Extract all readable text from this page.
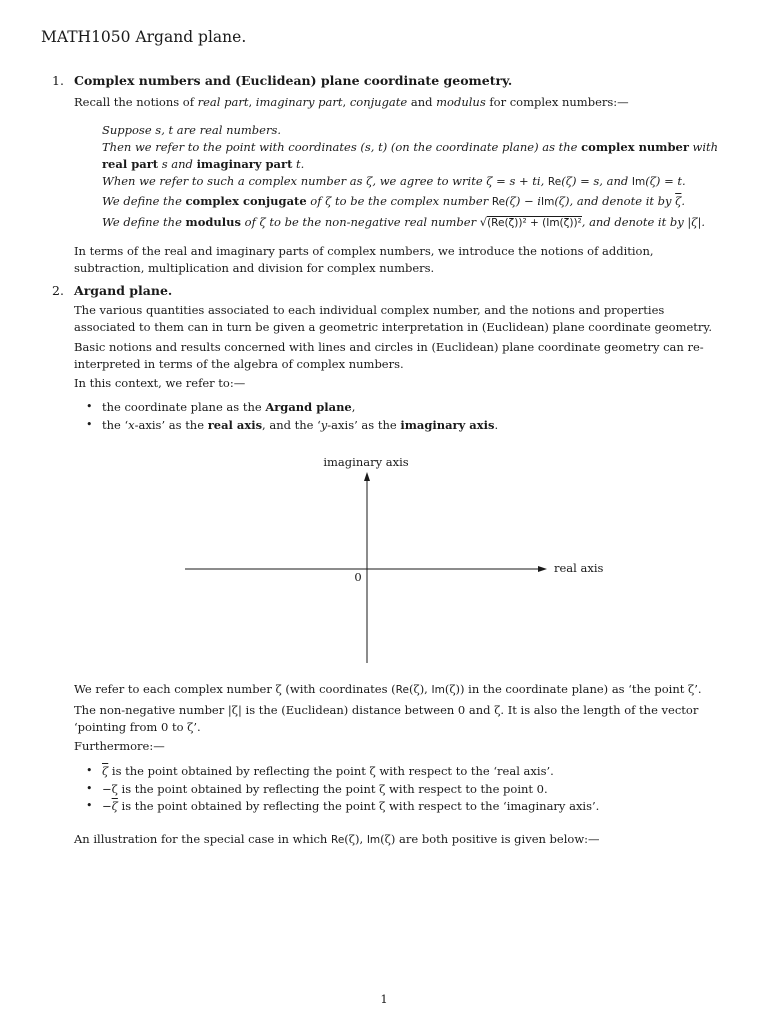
MATH1050 Argand plane.
1. Complex numbers and (Euclidean) plane coordinate geometry.

Recall the notions of real part, imaginary part, conjugate and modulus for complex numbers:—

Suppose s, t are real numbers.

Then we refer to the point with coordinates (s, t) (on the coordinate plane) as the complex number with real part s and imaginary part t.

When we refer to such a complex number as ζ, we agree to write ζ = s + ti, Re(ζ) = s, and Im(ζ) = t.

We define the complex conjugate of ζ to be the complex number Re(ζ) − iIm(ζ), and denote it by $\overline{\zeta}$.

We define the modulus of ζ to be the non-negative real number √(Re(ζ))² + (Im(ζ))², and denote it by |ζ|.

In terms of the real and imaginary parts of complex numbers, we introduce the notions of addition, subtraction, multiplication and division for complex numbers.

2. Argand plane.

The various quantities associated to each individual complex number, and the notions and properties associated to them can in turn be given a geometric interpretation in (Euclidean) plane coordinate geometry.

Basic notions and results concerned with lines and circles in (Euclidean) plane coordinate geometry can re-interpreted in terms of the algebra of complex numbers.

In this context, we refer to:—

• the coordinate plane as the Argand plane,
• the ‘x-axis’ as the real axis, and the ‘y-axis’ as the imaginary axis.
imaginary axis
real axis
0

We refer to each complex number ζ (with coordinates (Re(ζ), Im(ζ)) in the coordinate plane) as ‘the point ζ’.

The non-negative number |ζ| is the (Euclidean) distance between 0 and ζ. It is also the length of the vector ‘pointing from 0 to ζ’.

Furthermore:—

• $\overline{\zeta}$ is the point obtained by reflecting the point ζ with respect to the ‘real axis’.
• −ζ is the point obtained by reflecting the point ζ with respect to the point 0.
• $-\overline{\zeta}$ is the point obtained by reflecting the point ζ with respect to the ‘imaginary axis’.

An illustration for the special case in which Re(ζ), Im(ζ) are both positive is given below:—

1
